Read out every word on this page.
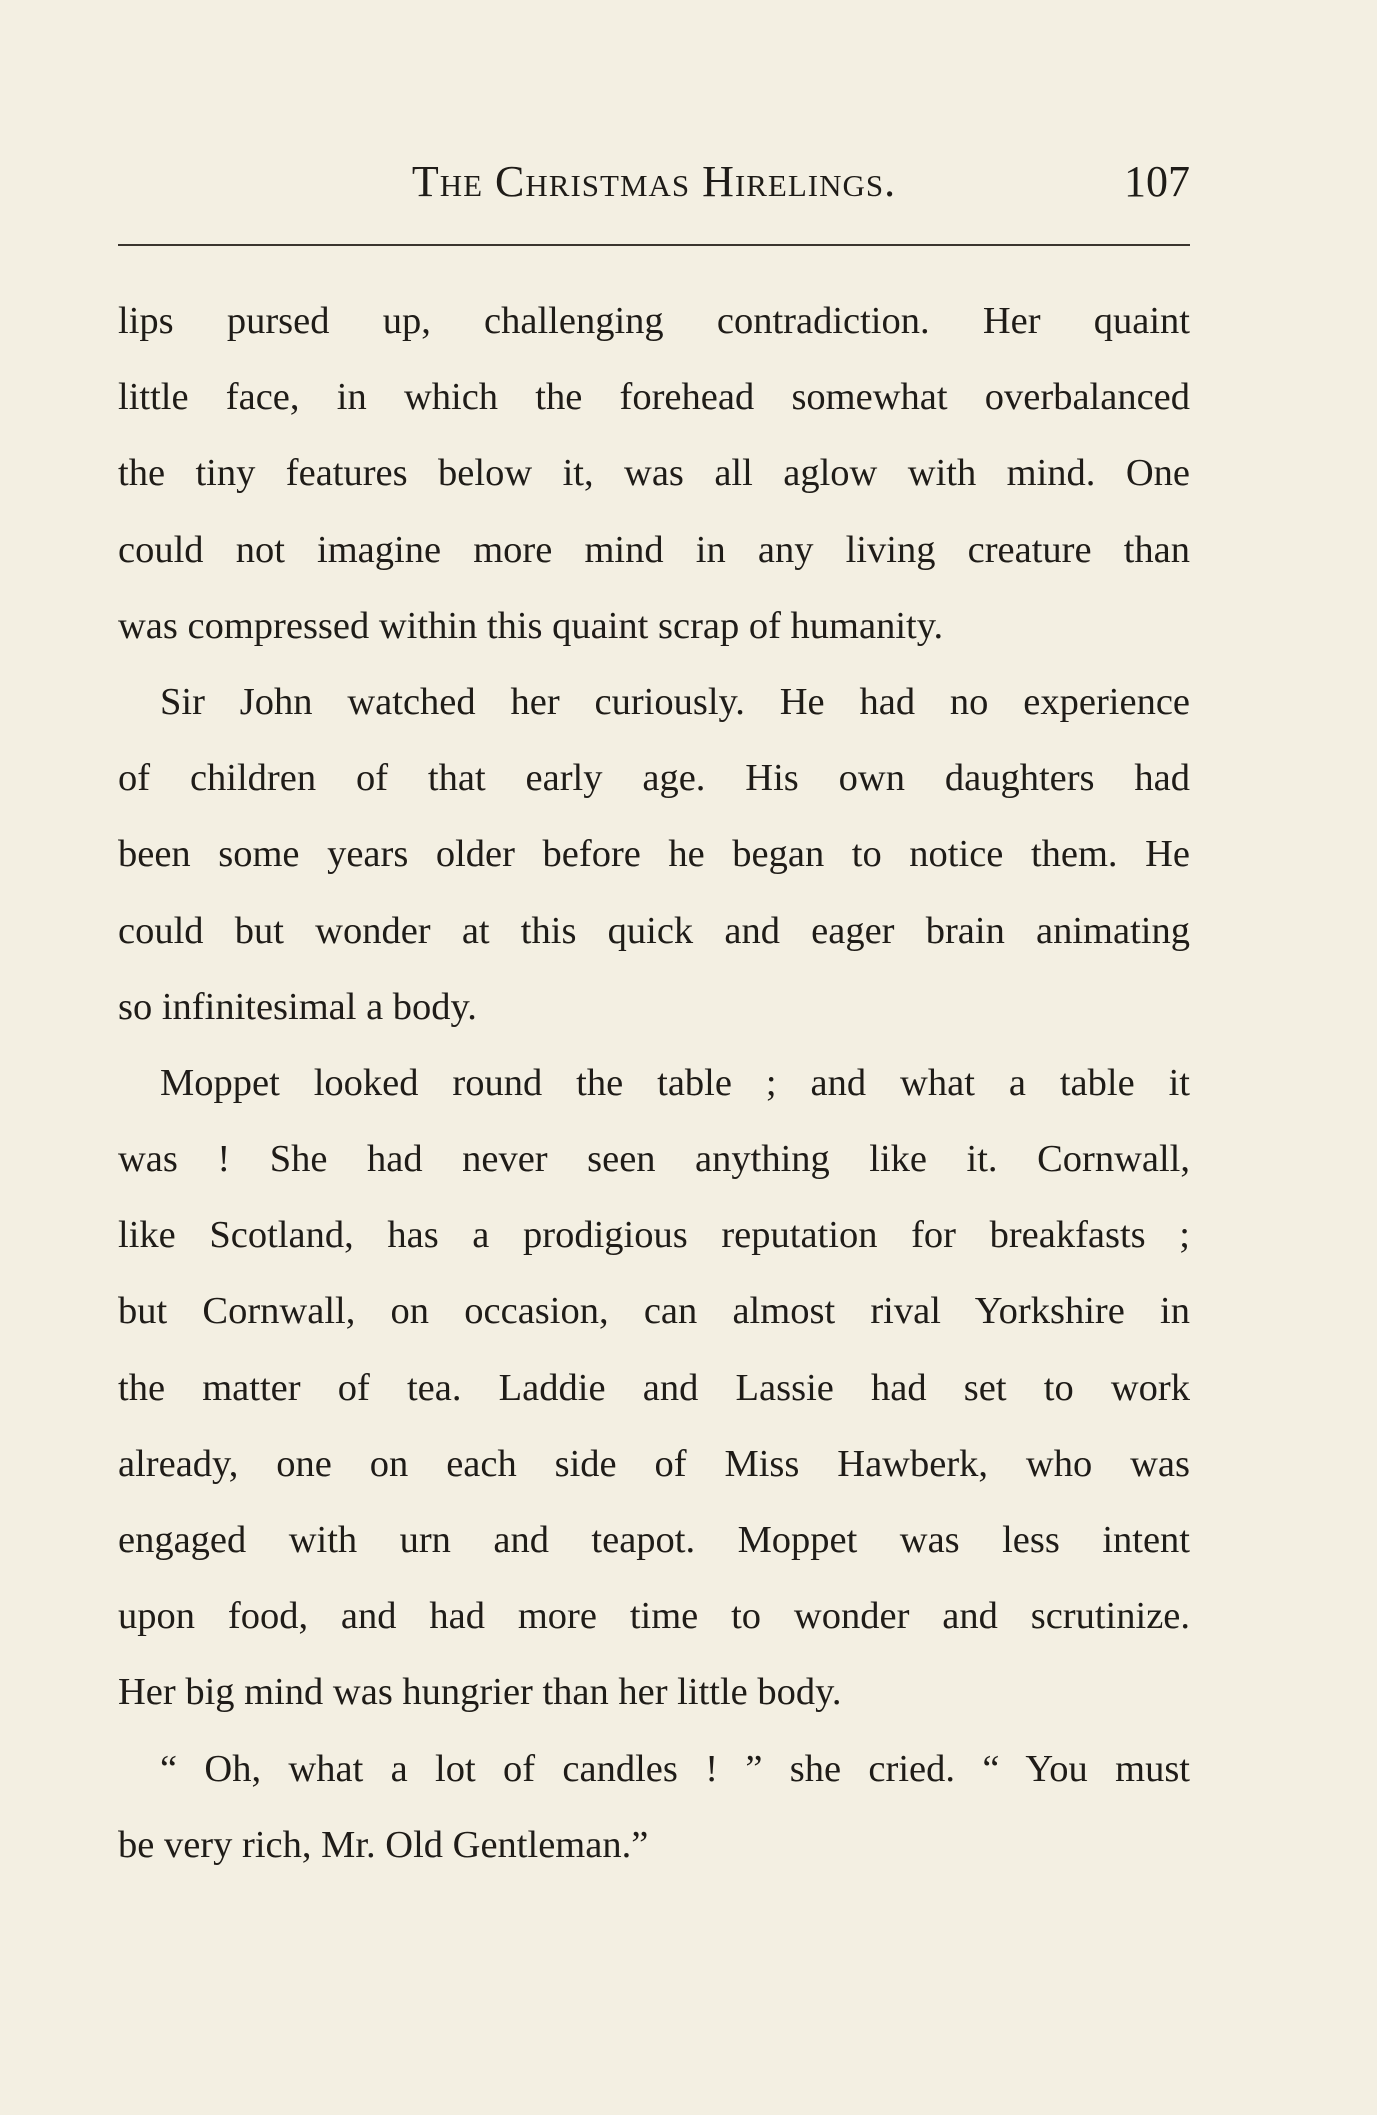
The Christmas Hirelings.	107
lips pursed up, challenging contradiction. Her quaint
little face, in which the forehead somewhat overbalanced
the tiny features below it, was all aglow with mind. One
could not imagine more mind in any living creature than
was compressed within this quaint scrap of humanity.
Sir John watched her curiously. He had no experience
of children of that early age. His own daughters had
been some years older before he began to notice them. He
could but wonder at this quick and eager brain animating
so infinitesimal a body.
Moppet looked round the table ; and what a table it
was ! She had never seen anything like it. Cornwall,
like Scotland, has a prodigious reputation for breakfasts ;
but Cornwall, on occasion, can almost rival Yorkshire in
the matter of tea. Laddie and Lassie had set to work
already, one on each side of Miss Hawberk, who was
engaged with urn and teapot. Moppet was less intent
upon food, and had more time to wonder and scrutinize.
Her big mind was hungrier than her little body.
“ Oh, what a lot of candles ! ” she cried. “ You must
be very rich, Mr. Old Gentleman.”
